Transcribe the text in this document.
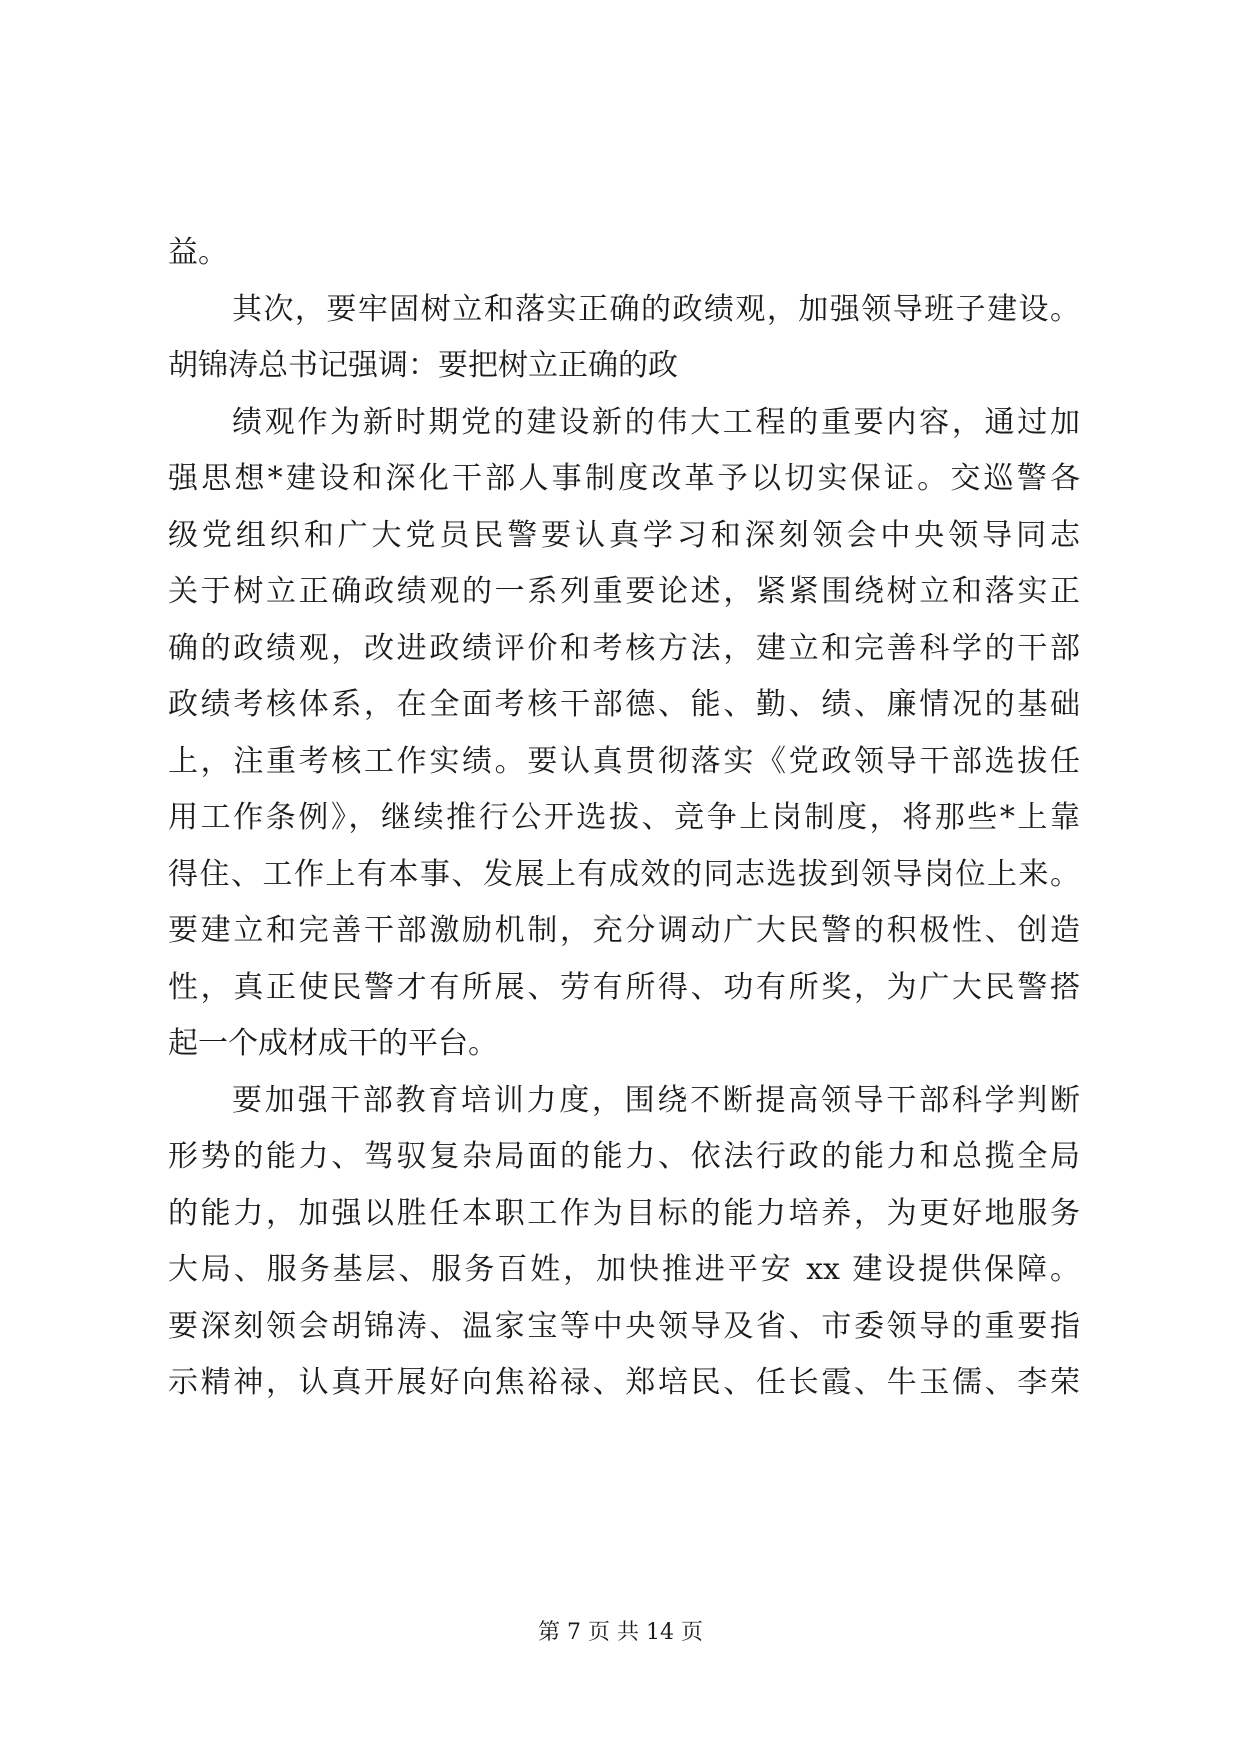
益。
其次，要牢固树立和落实正确的政绩观，加强领导班子建设。
胡锦涛总书记强调：要把树立正确的政
绩观作为新时期党的建设新的伟大工程的重要内容，通过加
强思想*建设和深化干部人事制度改革予以切实保证。交巡警各
级党组织和广大党员民警要认真学习和深刻领会中央领导同志
关于树立正确政绩观的一系列重要论述，紧紧围绕树立和落实正
确的政绩观，改进政绩评价和考核方法，建立和完善科学的干部
政绩考核体系，在全面考核干部德、能、勤、绩、廉情况的基础
上，注重考核工作实绩。要认真贯彻落实《党政领导干部选拔任
用工作条例》，继续推行公开选拔、竞争上岗制度，将那些*上靠
得住、工作上有本事、发展上有成效的同志选拔到领导岗位上来。
要建立和完善干部激励机制，充分调动广大民警的积极性、创造
性，真正使民警才有所展、劳有所得、功有所奖，为广大民警搭
起一个成材成干的平台。
要加强干部教育培训力度，围绕不断提高领导干部科学判断
形势的能力、驾驭复杂局面的能力、依法行政的能力和总揽全局
的能力，加强以胜任本职工作为目标的能力培养，为更好地服务
大局、服务基层、服务百姓，加快推进平安 xx 建设提供保障。
要深刻领会胡锦涛、温家宝等中央领导及省、市委领导的重要指
示精神，认真开展好向焦裕禄、郑培民、任长霞、牛玉儒、李荣
第 7 页 共 14 页
